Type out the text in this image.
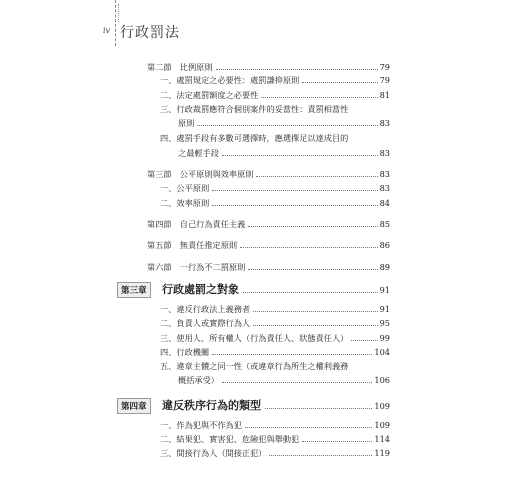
iv 行政罰法
第二節　比例原則	79
一、處罰規定之必要性：處罰謙抑原則	79
二、法定處罰額度之必要性	81
三、行政裁罰應符合個別案件的妥當性：責罰相當性
原則	83
四、處罰手段有多數可選擇時，應選擇足以達成目的
之最輕手段	83
第三節　公平原則與效率原則	83
一、公平原則	83
二、效率原則	84
第四節　自己行為責任主義	85
第五節　無責任推定原則	86
第六節　一行為不二罰原則	89
第三章	行政處罰之對象	91
一、違反行政法上義務者	91
二、負責人或實際行為人	95
三、使用人、所有權人（行為責任人、狀態責任人）	99
四、行政機關	104
五、違章主體之同一性（或違章行為所生之權利義務
概括承受）	106
第四章	違反秩序行為的類型	109
一、作為犯與不作為犯	109
二、結果犯、實害犯、危險犯與舉動犯	114
三、間接行為人（間接正犯）	119
